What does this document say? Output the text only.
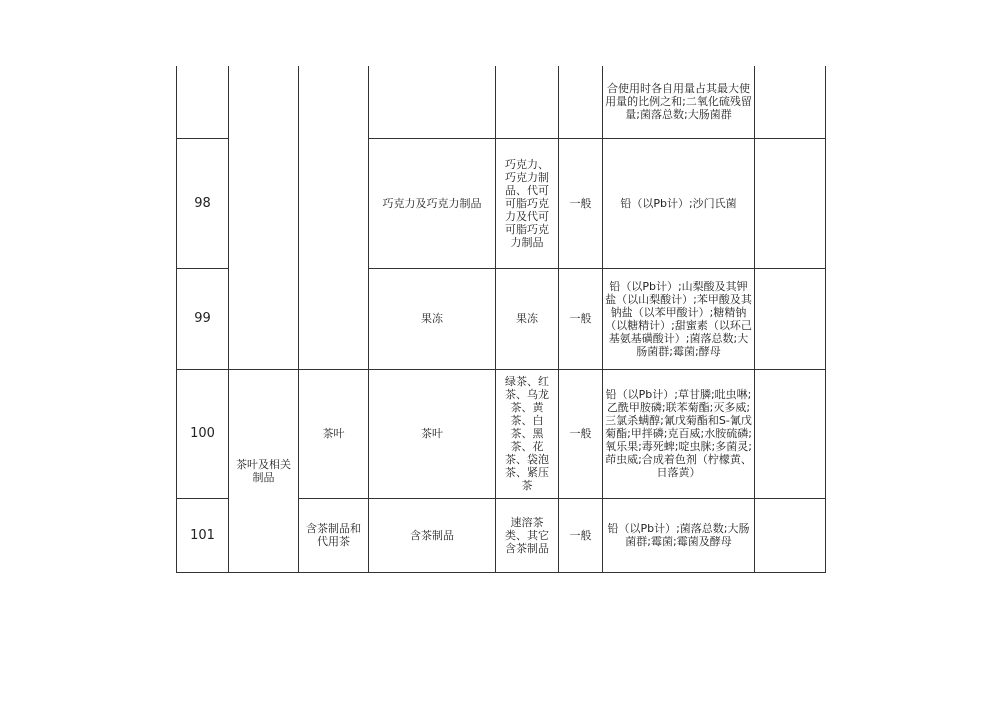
						合使用时各自用量占其最大使用量的比例之和;二氧化硫残留量;菌落总数;大肠菌群	
98			巧克力及巧克力制品	巧克力、巧克力制品、代可可脂巧克力及代可可脂巧克力制品	一般	铅（以Pb计）;沙门氏菌	
99			果冻	果冻	一般	铅（以Pb计）;山梨酸及其钾盐（以山梨酸计）;苯甲酸及其钠盐（以苯甲酸计）;糖精钠（以糖精计）;甜蜜素（以环己基氨基磺酸计）;菌落总数;大肠菌群;霉菌;酵母	
100	茶叶及相关制品	茶叶	茶叶	绿茶、红茶、乌龙茶、黄茶、白茶、黑茶、花茶、袋泡茶、紧压茶	一般	铅（以Pb计）;草甘膦;吡虫啉;乙酰甲胺磷;联苯菊酯;灭多威;三氯杀螨醇;氰戊菊酯和S-氰戊菊酯;甲拌磷;克百威;水胺硫磷;氧乐果;毒死蜱;啶虫脒;多菌灵;茚虫威;合成着色剂（柠檬黄、日落黄）	
101		含茶制品和代用茶	含茶制品	速溶茶类、其它含茶制品	一般	铅（以Pb计）;菌落总数;大肠菌群;霉菌;霉菌及酵母	
